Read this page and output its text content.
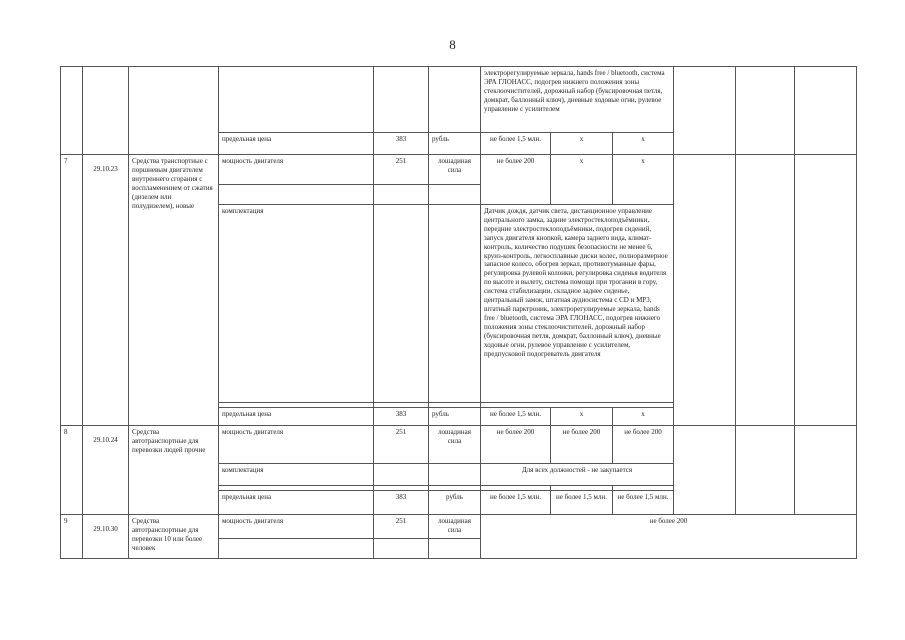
8
						электрорегулируемые зеркала, hands free / bluetooth, система ЭРА ГЛОНАСС, подогрев нижнего положения зоны стеклоочистителей, дорожный набор (буксировочная петля, домкрат, баллонный ключ), дневные ходовые огни, рулевое управление с усилителем					
			предельная цена	383	рубль	не более 1,5 млн.	x	x			
7	29.10.23	Средства транспортные с поршневым двигателем внутреннего сгорания с воспламенением от сжатия (дизелем или полудизелем), новые	мощность двигателя	251	лошадиная сила	не более 200	x	x			

			комплектация			Датчик дождя, датчик света, дистанционное управление центрального замка, задние электростеклоподъёмники, передние электростеклоподъёмники, подогрев сидений, запуск двигателя кнопкой, камера заднего вида, климат-контроль, количество подушек безопасности не менее 6, круиз-контроль, легкосплавные диски колес, полноразмерное запасное колесо, обогрев зеркал, противотуманные фары, регулировка рулевой колонки, регулировка сиденья водителя по высоте и вылету, система помощи при трогании в гору, система стабилизации, складное заднее сиденье, центральный замок, штатная аудиосистема с CD и MP3, штатный парктроник, электрорегулируемые зеркала, hands free / bluetooth, система ЭРА ГЛОНАСС, подогрев нижнего положения зоны стеклоочистителей, дорожный набор (буксировочная петля, домкрат, баллонный ключ), дневные ходовые огни, рулевое управление с усилителем, предпусковой подогреватель двигателя					

			предельная цена	383	рубль	не более 1,5 млн.	x	x			
8	29.10.24	Средства автотранспортные для перевозки людей прочие	мощность двигателя	251	лошадиная сила	не более 200	не более 200	не более 200			
			комплектация			Для всех должностей - не закупается					

			предельная цена	383	рубль	не более 1,5 млн.	не более 1,5 млн.	не более 1,5 млн.			
9	29.10.30	Средства автотранспортные для перевозки 10 или более человек	мощность двигателя	251	лошадиная сила	не более 200					
